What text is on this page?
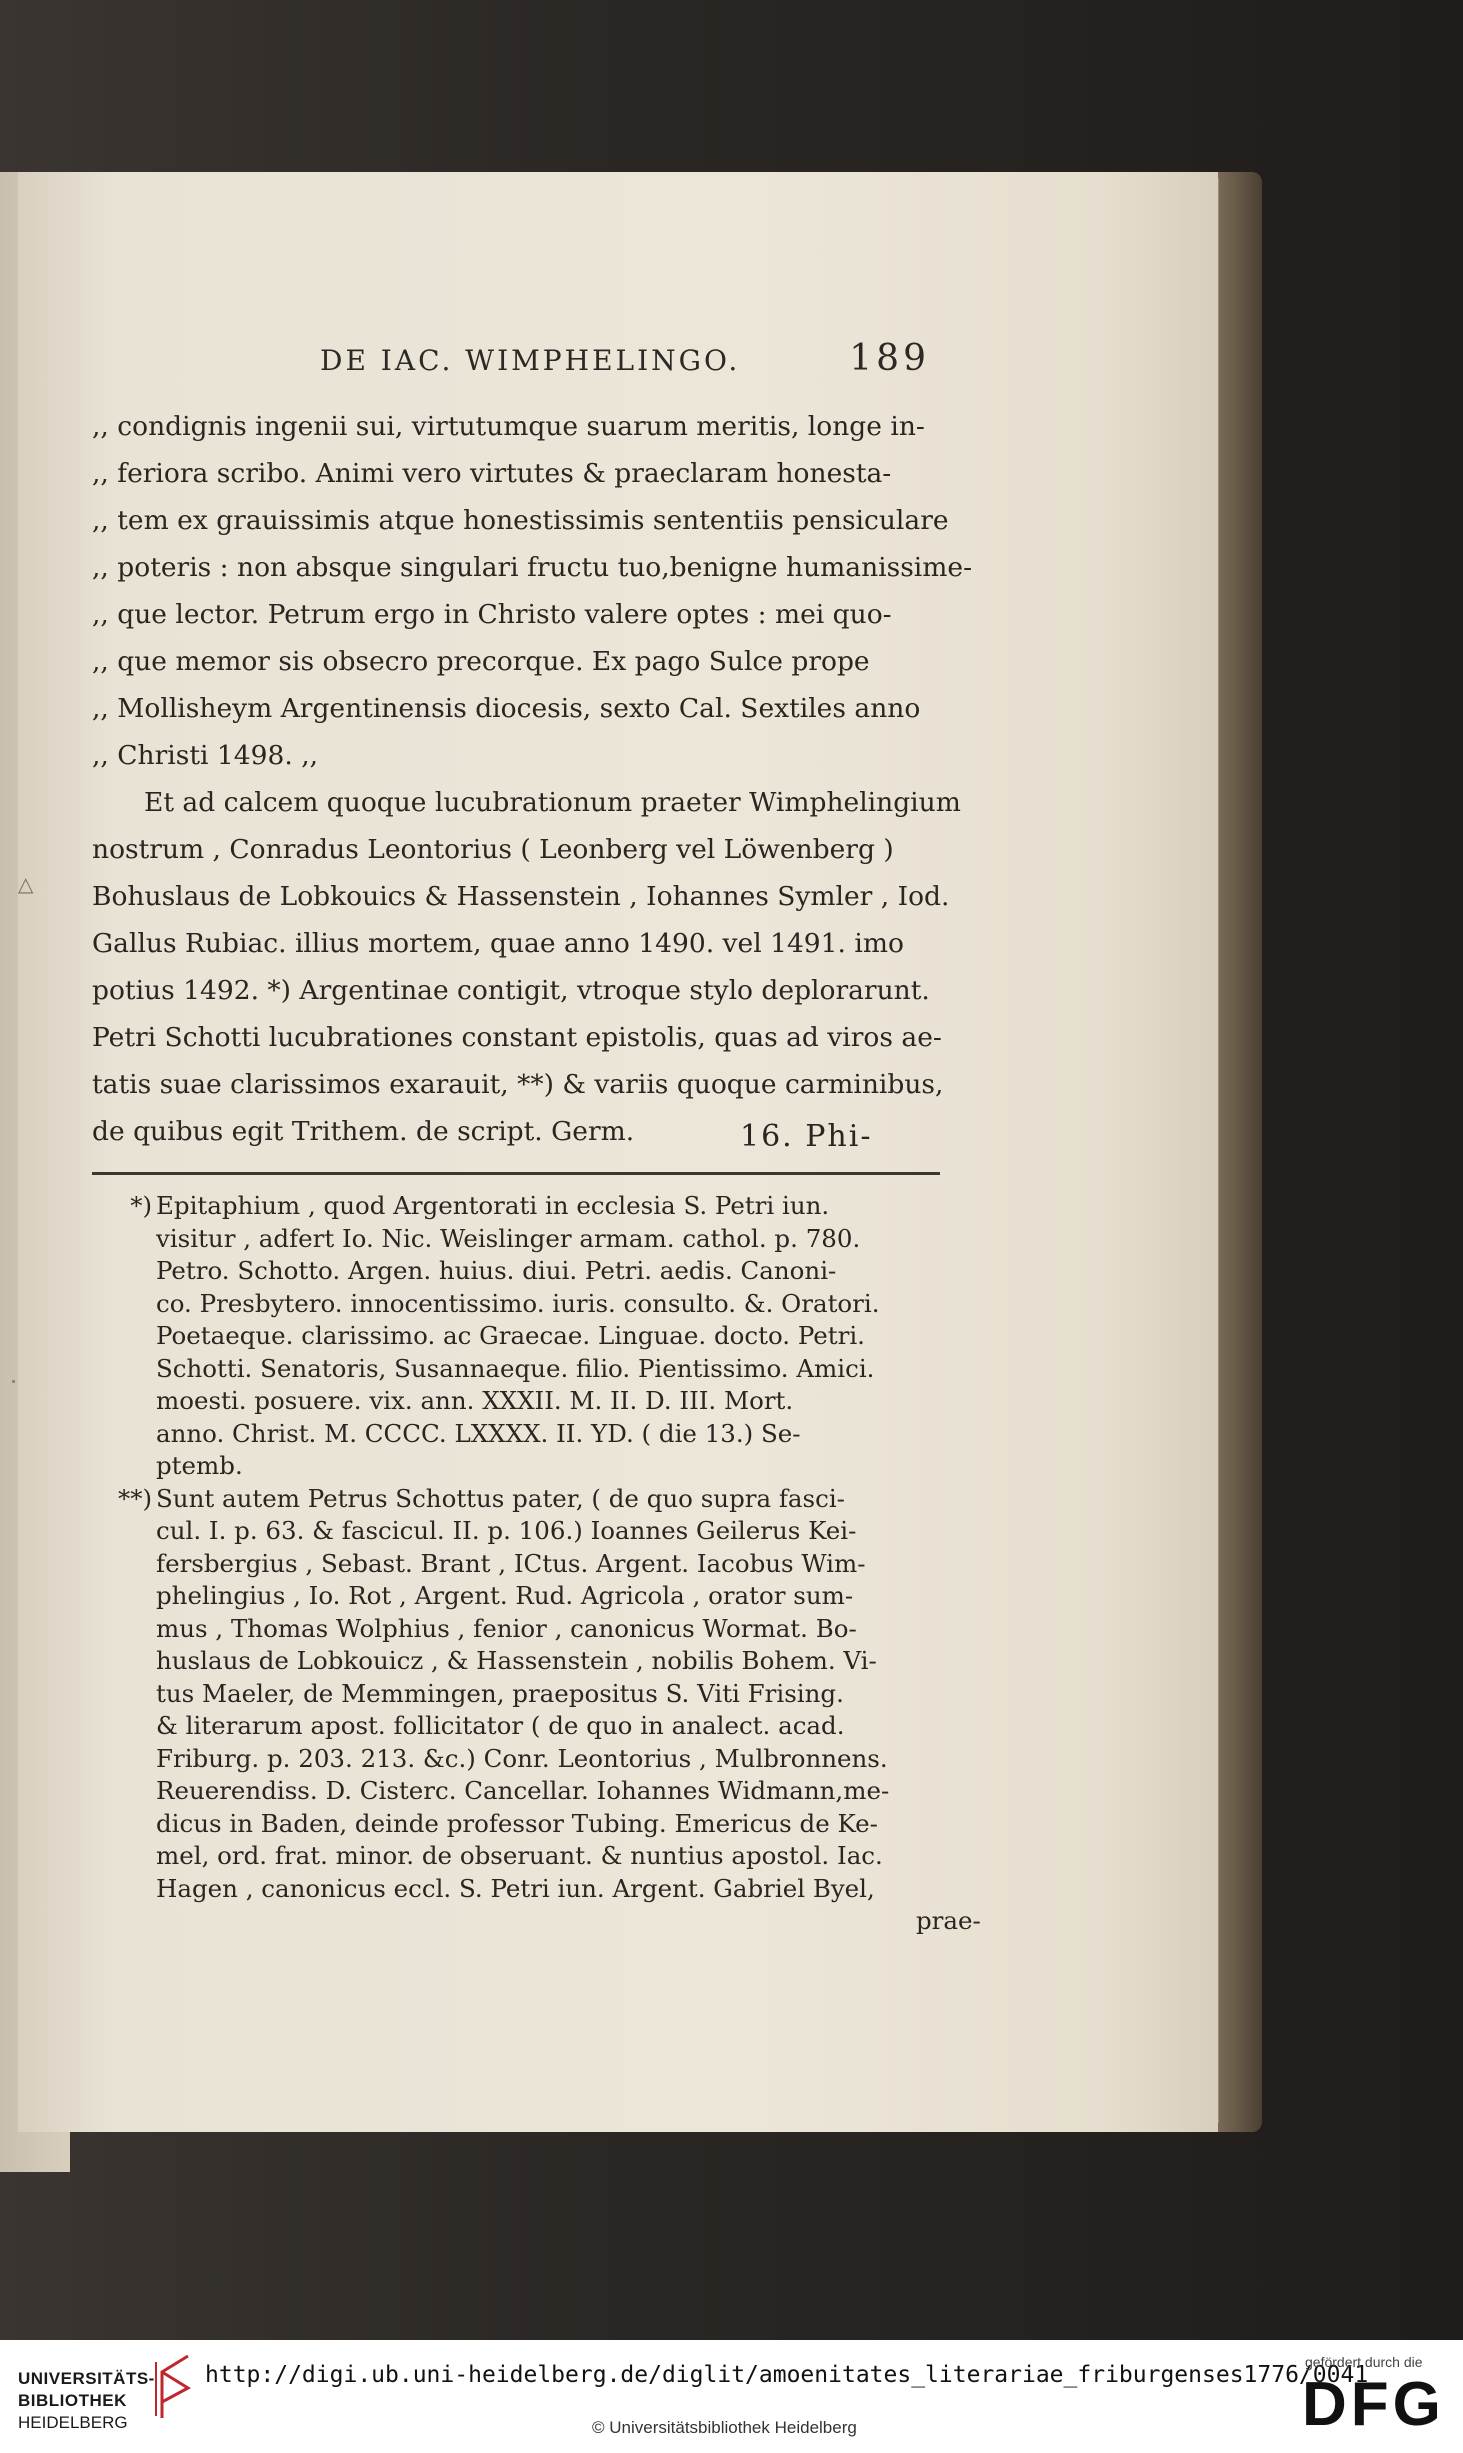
△
DE IAC. WIMPHELINGO.	189
,, condignis ingenii sui, virtutumque suarum meritis, longe in-
,, feriora scribo. Animi vero virtutes & praeclaram honesta-
,, tem ex grauissimis atque honestissimis sententiis pensiculare
,, poteris : non absque singulari fructu tuo,benigne humanissime-
,, que lector. Petrum ergo in Christo valere optes : mei quo-
,, que memor sis obsecro precorque. Ex pago Sulce prope
,, Mollisheym Argentinensis diocesis, sexto Cal. Sextiles anno
,, Christi 1498. ,,
Et ad calcem quoque lucubrationum praeter Wimphelingium
nostrum , Conradus Leontorius ( Leonberg vel Löwenberg )
Bohuslaus de Lobkouics & Hassenstein , Iohannes Symler , Iod.
Gallus Rubiac. illius mortem, quae anno 1490. vel 1491. imo
potius 1492. *) Argentinae contigit, vtroque stylo deplorarunt.
Petri Schotti lucubrationes constant epistolis, quas ad viros ae-
tatis suae clarissimos exarauit, **) & variis quoque carminibus,
de quibus egit Trithem. de script. Germ.	16. Phi-
*) Epitaphium , quod Argentorati in ecclesia S. Petri iun.
visitur , adfert Io. Nic. Weislinger armam. cathol. p. 780.
Petro. Schotto. Argen. huius. diui. Petri. aedis. Canoni-
co. Presbytero. innocentissimo. iuris. consulto. &. Oratori.
Poetaeque. clarissimo. ac Graecae. Linguae. docto. Petri.
Schotti. Senatoris, Susannaeque. filio. Pientissimo. Amici.
moesti. posuere. vix. ann. XXXII. M. II. D. III. Mort.
anno. Christ. M. CCCC. LXXXX. II. YD. ( die 13.) Se-
ptemb.
**) Sunt autem Petrus Schottus pater, ( de quo supra fasci-
cul. I. p. 63. & fascicul. II. p. 106.) Ioannes Geilerus Kei-
fersbergius , Sebast. Brant , ICtus. Argent. Iacobus Wim-
phelingius , Io. Rot , Argent. Rud. Agricola , orator sum-
mus , Thomas Wolphius , fenior , canonicus Wormat. Bo-
huslaus de Lobkouicz , & Hassenstein , nobilis Bohem. Vi-
tus Maeler, de Memmingen, praepositus S. Viti Frising.
& literarum apost. follicitator ( de quo in analect. acad.
Friburg. p. 203. 213. &c.) Conr. Leontorius , Mulbronnens.
Reuerendiss. D. Cisterc. Cancellar. Iohannes Widmann,me-
dicus in Baden, deinde professor Tubing. Emericus de Ke-
mel, ord. frat. minor. de obseruant. & nuntius apostol. Iac.
Hagen , canonicus eccl. S. Petri iun. Argent. Gabriel Byel,
prae-
UNIVERSITÄTS-
BIBLIOTHEK
HEIDELBERG
http://digi.ub.uni-heidelberg.de/diglit/amoenitates_literariae_friburgenses1776/0041
© Universitätsbibliothek Heidelberg
gefördert durch die
DFG
